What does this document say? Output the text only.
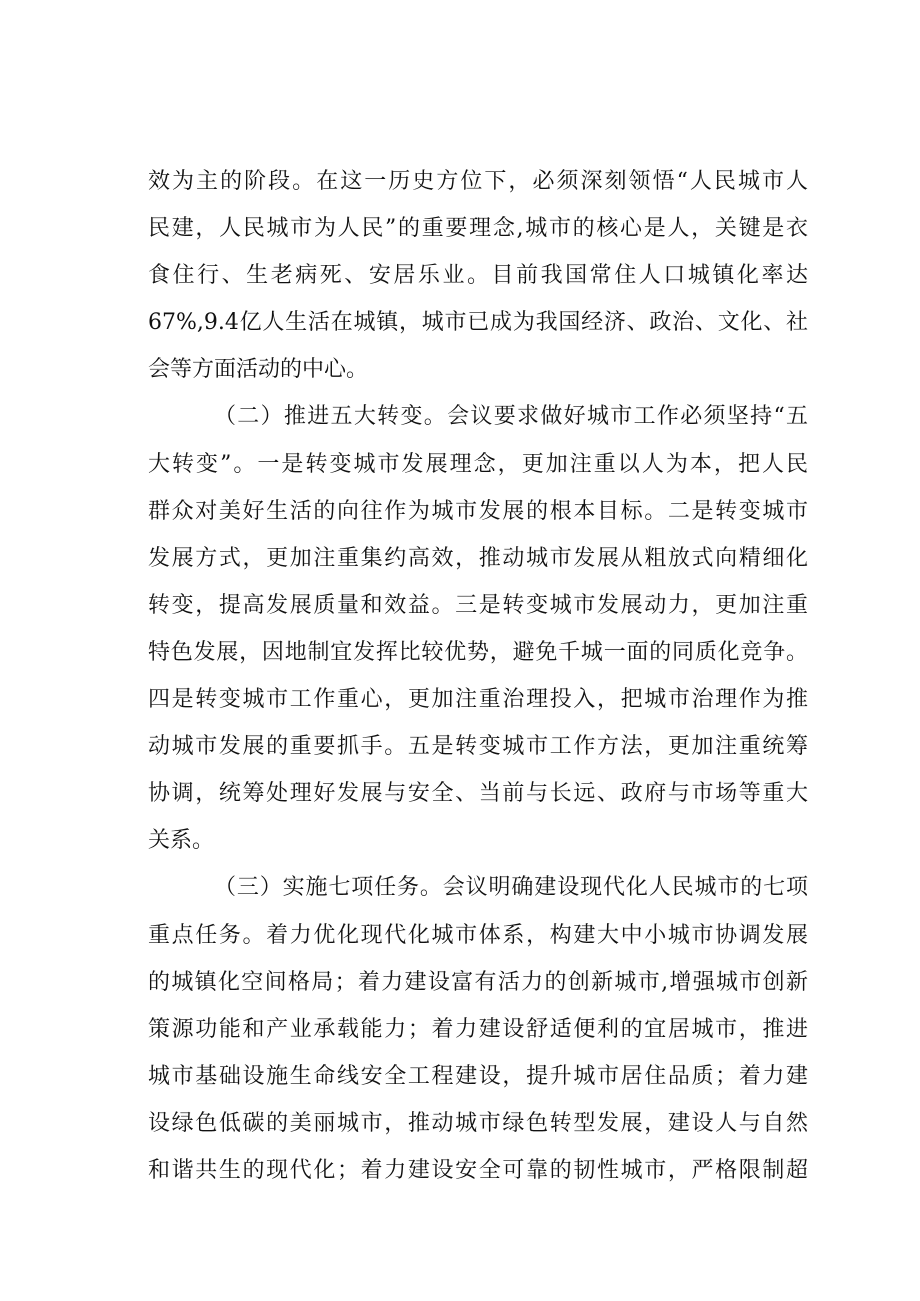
效为主的阶段。在这一历史方位下，必须深刻领悟“人民城市人
民建，人民城市为人民”的重要理念,城市的核心是人，关键是衣
食住行、生老病死、安居乐业。目前我国常住人口城镇化率达
67%,9.4亿人生活在城镇，城市已成为我国经济、政治、文化、社
会等方面活动的中心。
（二）推进五大转变。会议要求做好城市工作必须坚持“五
大转变”。一是转变城市发展理念，更加注重以人为本，把人民
群众对美好生活的向往作为城市发展的根本目标。二是转变城市
发展方式，更加注重集约高效，推动城市发展从粗放式向精细化
转变，提高发展质量和效益。三是转变城市发展动力，更加注重
特色发展，因地制宜发挥比较优势，避免千城一面的同质化竞争。
四是转变城市工作重心，更加注重治理投入，把城市治理作为推
动城市发展的重要抓手。五是转变城市工作方法，更加注重统筹
协调，统筹处理好发展与安全、当前与长远、政府与市场等重大
关系。
（三）实施七项任务。会议明确建设现代化人民城市的七项
重点任务。着力优化现代化城市体系，构建大中小城市协调发展
的城镇化空间格局；着力建设富有活力的创新城市,增强城市创新
策源功能和产业承载能力；着力建设舒适便利的宜居城市，推进
城市基础设施生命线安全工程建设，提升城市居住品质；着力建
设绿色低碳的美丽城市，推动城市绿色转型发展，建设人与自然
和谐共生的现代化；着力建设安全可靠的韧性城市，严格限制超
